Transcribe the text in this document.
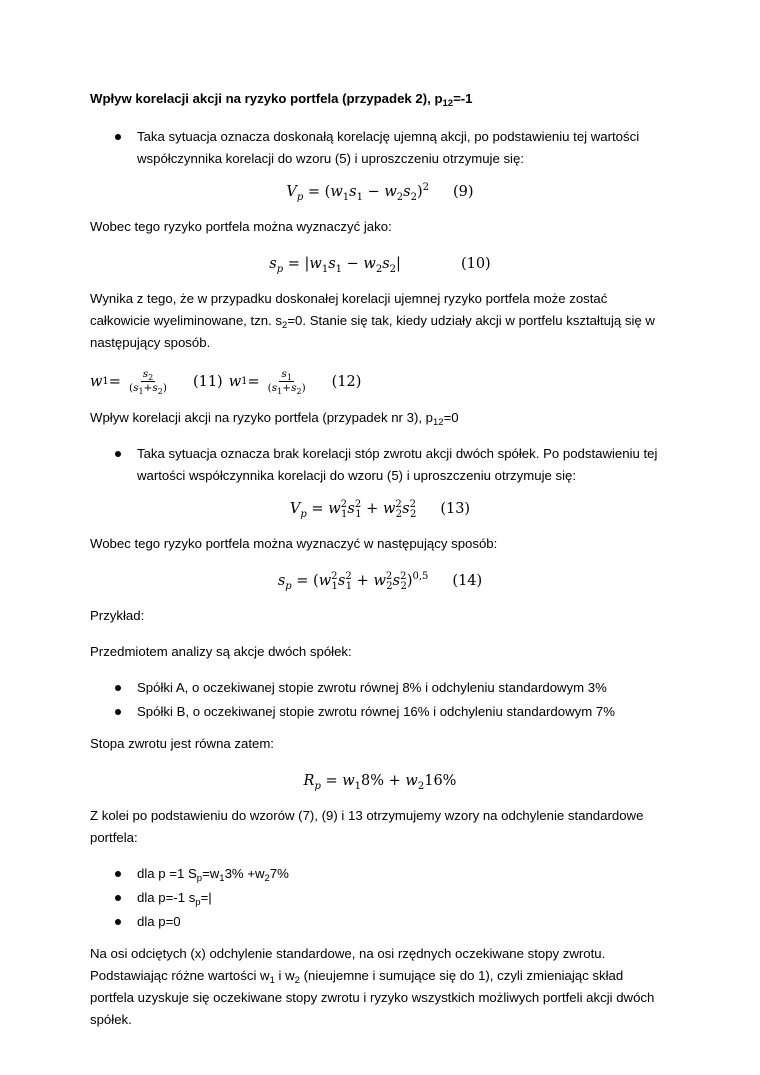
Wpływ korelacji akcji na ryzyko portfela (przypadek 2), $p_{12}=-1$

Taka sytuacja oznacza doskonałą korelację ujemną akcji, po podstawieniu tej wartości współczynnika korelacji do wzoru (5) i uproszczeniu otrzymuje się:
$V_p = (w_1s_1 - w_2s_2)^2$ (9)

Wobec tego ryzyko portfela można wyznaczyć jako:

$s_p = |w_1s_1 - w_2s_2|$	(10)

Wynika z tego, że w przypadku doskonałej korelacji ujemnej ryzyko portfela może zostać całkowicie wyeliminowane, tzn. $s_2=0$. Stanie się tak, kiedy udziały akcji w portfelu kształtują się w następujący sposób.

w $1 = \frac{s_2}{(s_1+s_2)} (11)$ w $1 = \frac{s_1}{(s_1+s_2)} (12)$

Wpływ korelacji akcji na ryzyko portfela (przypadek nr 3), $p_{12}=0$

Taka sytuacja oznacza brak korelacji stóp zwrotu akcji dwóch spółek. Po podstawieniu tej wartości współczynnika korelacji do wzoru (5) i uproszczeniu otrzymuje się:
$V_p = w^2_1s^2_1 + w^2_2s^2_2$ (13)

Wobec tego ryzyko portfela można wyznaczyć w następujący sposób:

$s_p = (w^2_1s^2_1 + w^2_2s^2_2)^{0,5}$ (14)

Przykład:

Przedmiotem analizy są akcje dwóch spółek:

Spółki A, o oczekiwanej stopie zwrotu równej 8% i odchyleniu standardowym 3%
Spółki B, o oczekiwanej stopie zwrotu równej 16% i odchyleniu standardowym 7%

Stopa zwrotu jest równa zatem:

$R_p = w_18\% + w_216\%$

Z kolei po podstawieniu do wzorów (7), (9) i 13 otrzymujemy wzory na odchylenie standardowe portfela:

dla p =1 $S_p=w_13\% +w_27\%$
dla p=-1 $s_p=|$
dla p=0

Na osi odciętych (x) odchylenie standardowe, na osi rzędnych oczekiwane stopy zwrotu. Podstawiając różne wartości $w_1$ i $w_2$ (nieujemne i sumujące się do 1), czyli zmieniając skład portfela uzyskuje się oczekiwane stopy zwrotu i ryzyko wszystkich możliwych portfeli akcji dwóch spółek.
